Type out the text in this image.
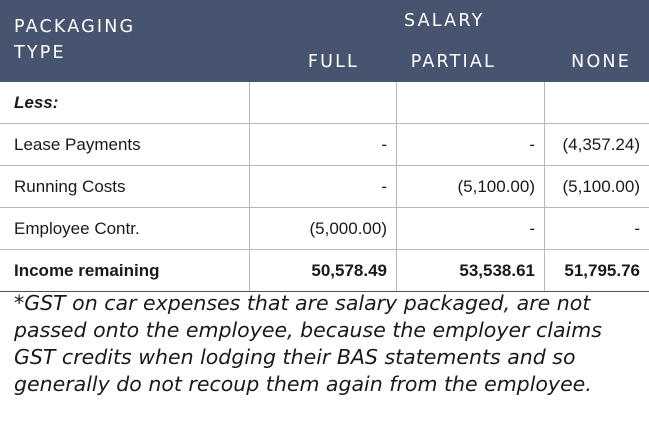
PACKAGING
TYPE
SALARY
FULL	PARTIAL	NONE
Less:			
Lease Payments	-	-	(4,357.24)
Running Costs	-	(5,100.00)	(5,100.00)
Employee Contr.	(5,000.00)	-	-
Income remaining	50,578.49	53,538.61	51,795.76
*GST on car expenses that are salary packaged, are not passed onto the employee, because the employer claims GST credits when lodging their BAS statements and so generally do not recoup them again from the employee.
